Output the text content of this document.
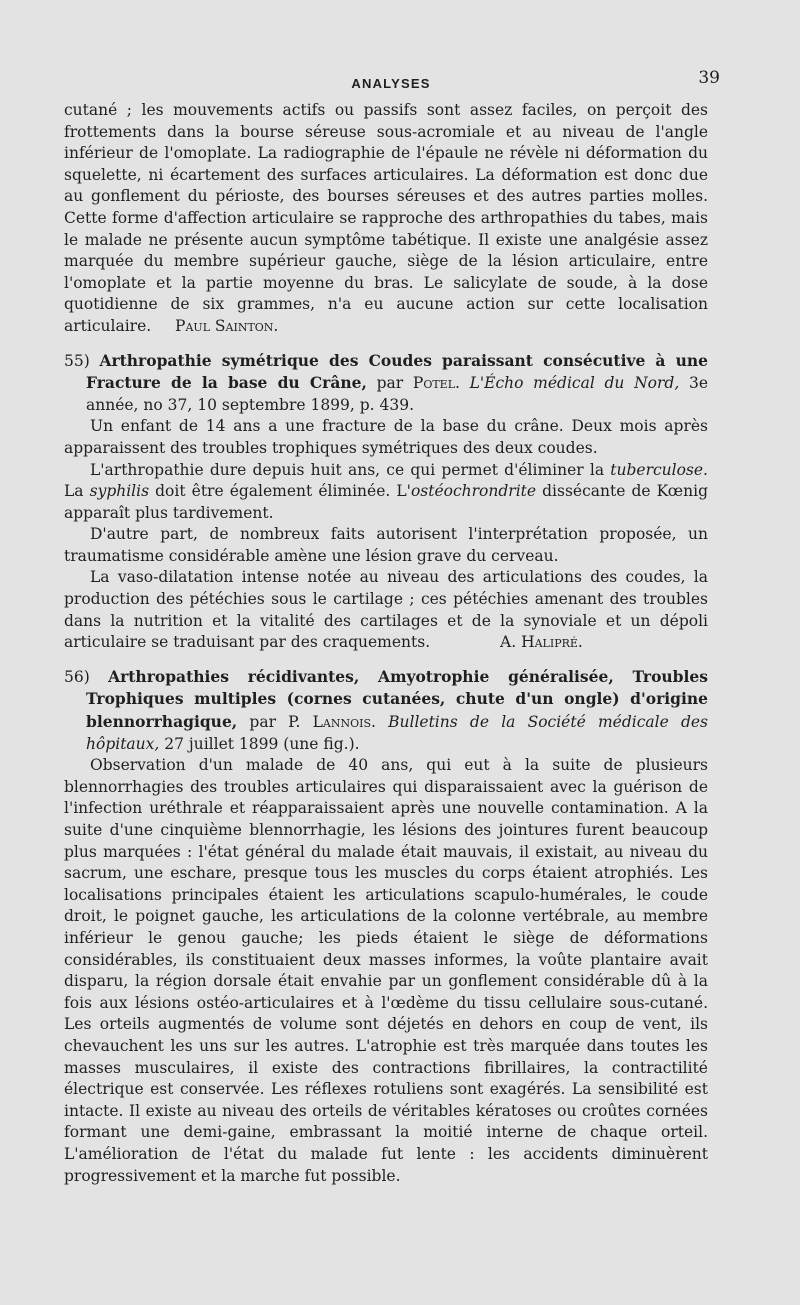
ANALYSES	39

cutané ; les mouvements actifs ou passifs sont assez faciles, on perçoit des frottements dans la bourse séreuse sous-acromiale et au niveau de l'angle inférieur de l'omoplate. La radiographie de l'épaule ne révèle ni déformation du squelette, ni écartement des surfaces articulaires. La déformation est donc due au gonflement du périoste, des bourses séreuses et des autres parties molles. Cette forme d'affection articulaire se rapproche des arthropathies du tabes, mais le malade ne présente aucun symptôme tabétique. Il existe une analgésie assez marquée du membre supérieur gauche, siège de la lésion articulaire, entre l'omoplate et la partie moyenne du bras. Le salicylate de soude, à la dose quotidienne de six grammes, n'a eu aucune action sur cette localisation articulaire. Paul Sainton.

55) Arthropathie symétrique des Coudes paraissant consécutive à une Fracture de la base du Crâne, par Potel. L'Écho médical du Nord, 3e année, no 37, 10 septembre 1899, p. 439.

Un enfant de 14 ans a une fracture de la base du crâne. Deux mois après apparaissent des troubles trophiques symétriques des deux coudes.

L'arthropathie dure depuis huit ans, ce qui permet d'éliminer la tuberculose. La syphilis doit être également éliminée. L'ostéochrondrite dissécante de Kœnig apparaît plus tardivement.

D'autre part, de nombreux faits autorisent l'interprétation proposée, un traumatisme considérable amène une lésion grave du cerveau.

La vaso-dilatation intense notée au niveau des articulations des coudes, la production des pétéchies sous le cartilage ; ces pétéchies amenant des troubles dans la nutrition et la vitalité des cartilages et de la synoviale et un dépoli articulaire se traduisant par des craquements.	A. Halipré.

56) Arthropathies récidivantes, Amyotrophie généralisée, Troubles Trophiques multiples (cornes cutanées, chute d'un ongle) d'origine blennorrhagique, par P. Lannois. Bulletins de la Société médicale des hôpitaux, 27 juillet 1899 (une fig.).

Observation d'un malade de 40 ans, qui eut à la suite de plusieurs blennorrhagies des troubles articulaires qui disparaissaient avec la guérison de l'infection uréthrale et réapparaissaient après une nouvelle contamination. A la suite d'une cinquième blennorrhagie, les lésions des jointures furent beaucoup plus marquées : l'état général du malade était mauvais, il existait, au niveau du sacrum, une eschare, presque tous les muscles du corps étaient atrophiés. Les localisations principales étaient les articulations scapulo-humérales, le coude droit, le poignet gauche, les articulations de la colonne vertébrale, au membre inférieur le genou gauche; les pieds étaient le siège de déformations considérables, ils constituaient deux masses informes, la voûte plantaire avait disparu, la région dorsale était envahie par un gonflement considérable dû à la fois aux lésions ostéo-articulaires et à l'œdème du tissu cellulaire sous-cutané. Les orteils augmentés de volume sont déjetés en dehors en coup de vent, ils chevauchent les uns sur les autres. L'atrophie est très marquée dans toutes les masses musculaires, il existe des contractions fibrillaires, la contractilité électrique est conservée. Les réflexes rotuliens sont exagérés. La sensibilité est intacte. Il existe au niveau des orteils de véritables kératoses ou croûtes cornées formant une demi-gaine, embrassant la moitié interne de chaque orteil. L'amélioration de l'état du malade fut lente : les accidents diminuèrent progressivement et la marche fut possible.
